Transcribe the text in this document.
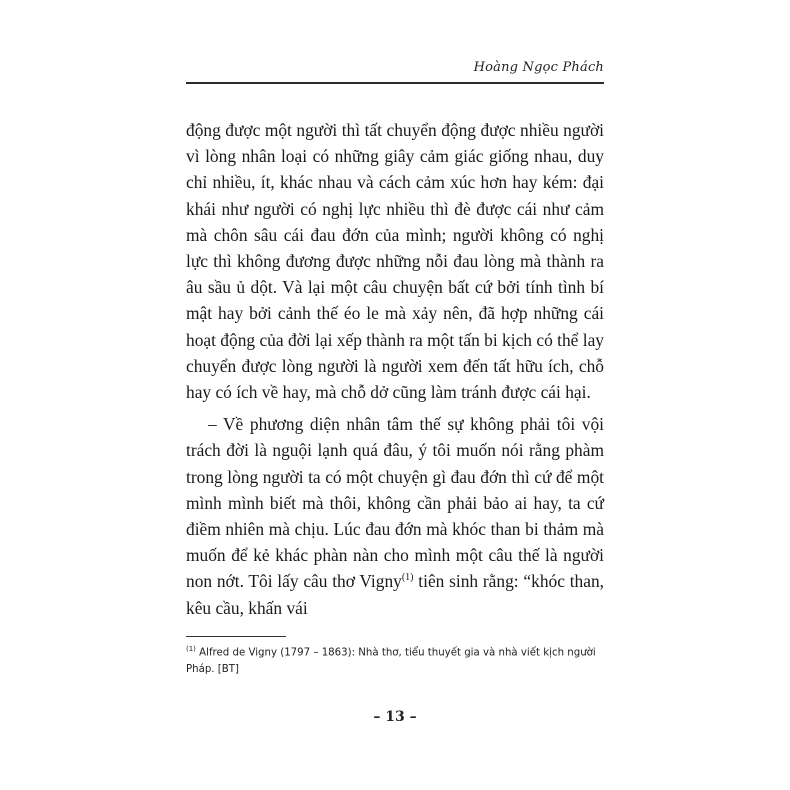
Hoàng Ngọc Phách

động được một người thì tất chuyển động được nhiều người vì lòng nhân loại có những giây cảm giác giống nhau, duy chỉ nhiều, ít, khác nhau và cách cảm xúc hơn hay kém: đại khái như người có nghị lực nhiều thì đè được cái như cảm mà chôn sâu cái đau đớn của mình; người không có nghị lực thì không đương được những nỗi đau lòng mà thành ra âu sầu ủ dột. Và lại một câu chuyện bất cứ bởi tính tình bí mật hay bởi cảnh thế éo le mà xảy nên, đã hợp những cái hoạt động của đời lại xếp thành ra một tấn bi kịch có thể lay chuyển được lòng người là người xem đến tất hữu ích, chỗ hay có ích về hay, mà chỗ dở cũng làm tránh được cái hại.

– Về phương diện nhân tâm thế sự không phải tôi vội trách đời là nguội lạnh quá đâu, ý tôi muốn nói rằng phàm trong lòng người ta có một chuyện gì đau đớn thì cứ để một mình mình biết mà thôi, không cần phải bảo ai hay, ta cứ điềm nhiên mà chịu. Lúc đau đớn mà khóc than bi thảm mà muốn để kẻ khác phàn nàn cho mình một câu thế là người non nớt. Tôi lấy câu thơ Vigny$^{(1)}$ tiên sinh rằng: “khóc than, kêu cầu, khấn vái

$^{(1)}$ Alfred de Vigny (1797 – 1863): Nhà thơ, tiểu thuyết gia và nhà viết kịch người Pháp. [BT]
– 13 –
